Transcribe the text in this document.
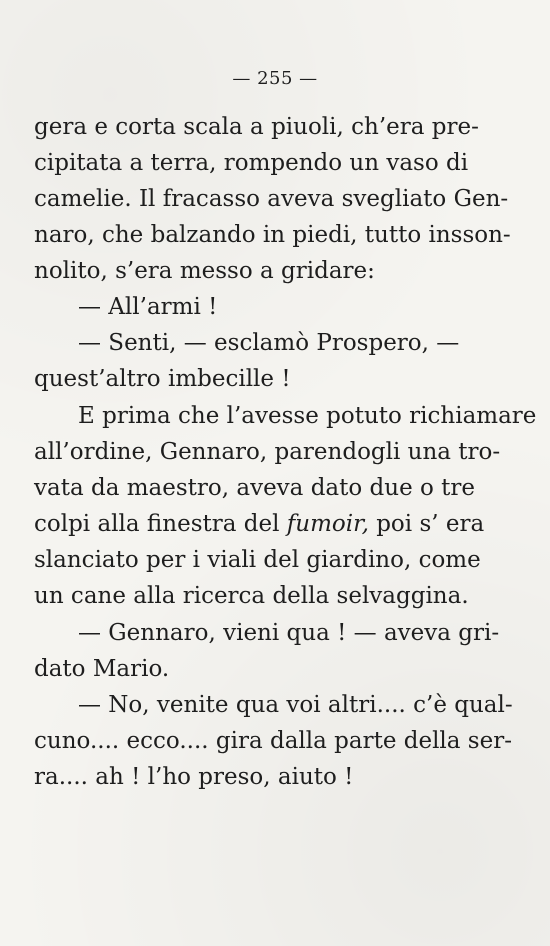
— 255 —
gera e corta scala a piuoli, ch’era pre-
cipitata a terra, rompendo un vaso di
camelie. Il fracasso aveva svegliato Gen-
naro, che balzando in piedi, tutto insson-
nolito, s’era messo a gridare:
— All’armi !
— Senti, — esclamò Prospero, —
quest’altro imbecille !
E prima che l’avesse potuto richiamare
all’ordine, Gennaro, parendogli una tro-
vata da maestro, aveva dato due o tre
colpi alla finestra del fumoir, poi s’ era
slanciato per i viali del giardino, come
un cane alla ricerca della selvaggina.
— Gennaro, vieni qua ! — aveva gri-
dato Mario.
— No, venite qua voi altri.... c’è qual-
cuno.... ecco.... gira dalla parte della ser-
ra.... ah ! l’ho preso, aiuto !
